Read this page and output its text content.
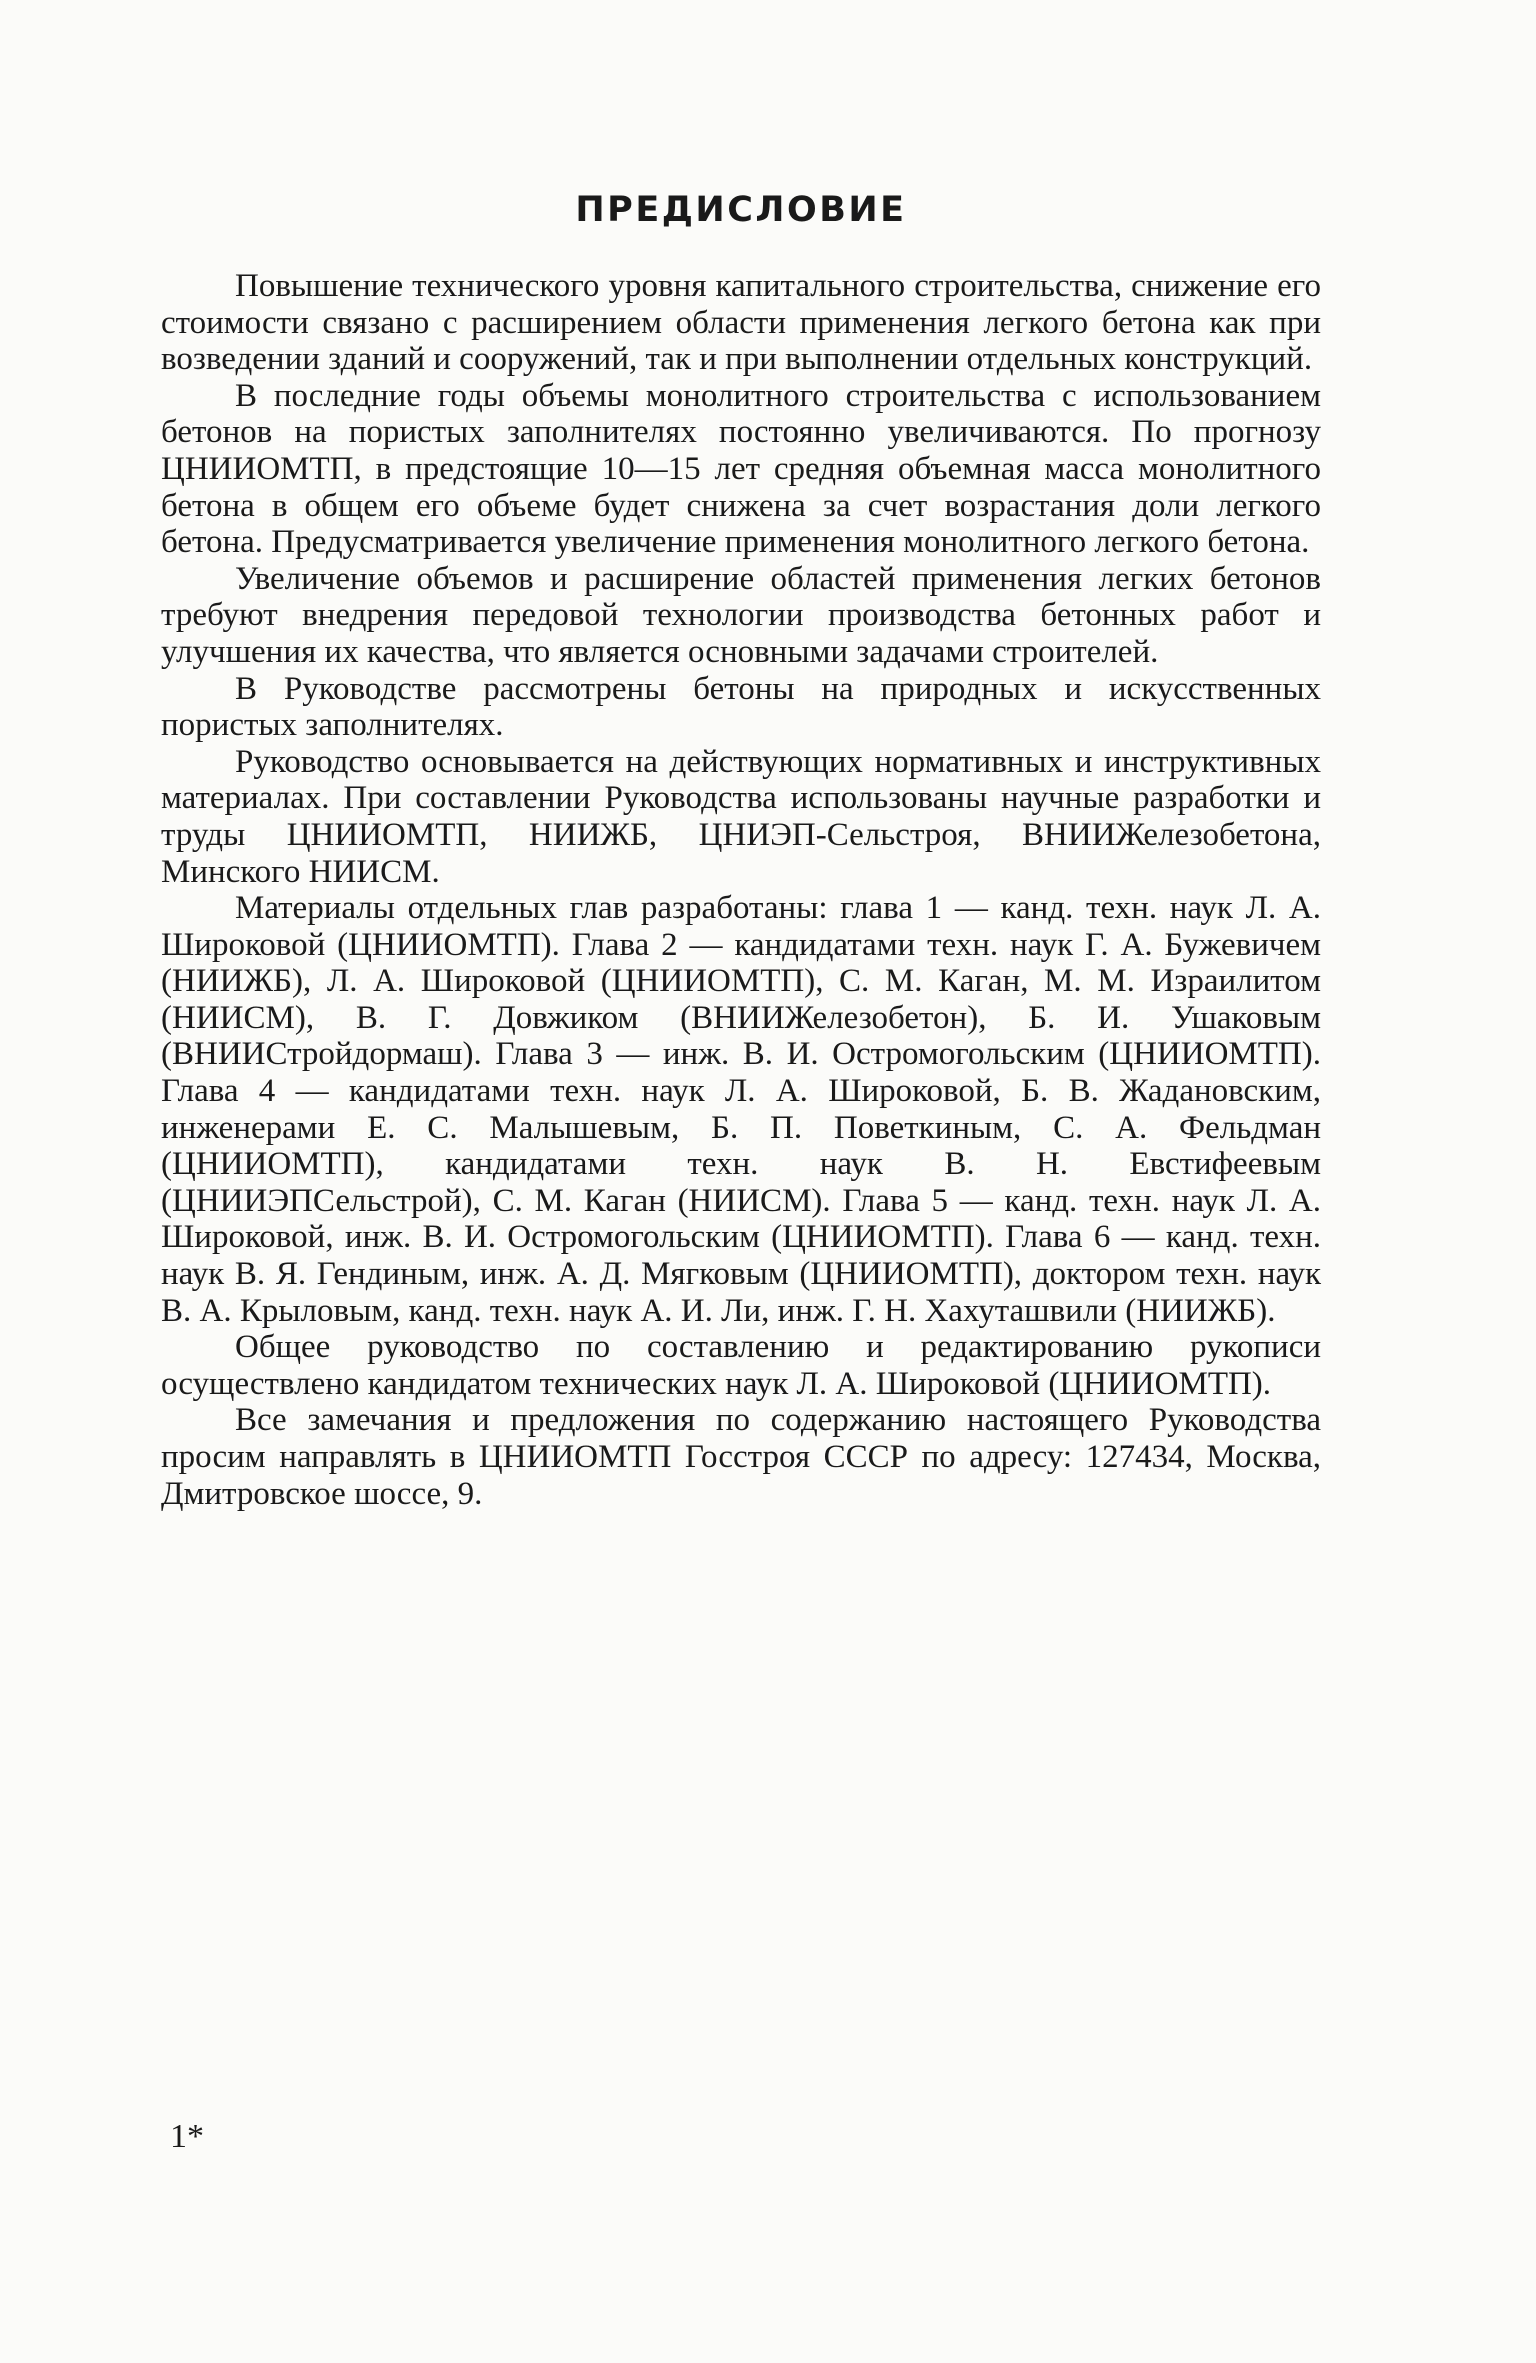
ПРЕДИСЛОВИЕ

Повышение технического уровня капитального строительства, снижение его стоимости связано с расширением области применения легкого бетона как при возведении зданий и сооружений, так и при выполнении отдельных конструкций.

В последние годы объемы монолитного строительства с использованием бетонов на пористых заполнителях постоянно увеличиваются. По прогнозу ЦНИИОМТП, в предстоящие 10—15 лет средняя объемная масса монолитного бетона в общем его объеме будет снижена за счет возрастания доли легкого бетона. Предусматривается увеличение применения монолитного легкого бетона.

Увеличение объемов и расширение областей применения легких бетонов требуют внедрения передовой технологии производства бетонных работ и улучшения их качества, что является основными задачами строителей.

В Руководстве рассмотрены бетоны на природных и искусственных пористых заполнителях.

Руководство основывается на действующих нормативных и инструктивных материалах. При составлении Руководства использованы научные разработки и труды ЦНИИОМТП, НИИЖБ, ЦНИЭП-Сельстроя, ВНИИЖелезобетона, Минского НИИСМ.

Материалы отдельных глав разработаны: глава 1 — канд. техн. наук Л. А. Широковой (ЦНИИОМТП). Глава 2 — кандидатами техн. наук Г. А. Бужевичем (НИИЖБ), Л. А. Широковой (ЦНИИОМТП), С. М. Каган, М. М. Израилитом (НИИСМ), В. Г. Довжиком (ВНИИЖелезобетон), Б. И. Ушаковым (ВНИИСтройдормаш). Глава 3 — инж. В. И. Остромогольским (ЦНИИОМТП). Глава 4 — кандидатами техн. наук Л. А. Широковой, Б. В. Жадановским, инженерами Е. С. Малышевым, Б. П. Поветкиным, С. А. Фельдман (ЦНИИОМТП), кандидатами техн. наук В. Н. Евстифеевым (ЦНИИЭПСельстрой), С. М. Каган (НИИСМ). Глава 5 — канд. техн. наук Л. А. Широковой, инж. В. И. Остромогольским (ЦНИИОМТП). Глава 6 — канд. техн. наук В. Я. Гендиным, инж. А. Д. Мягковым (ЦНИИОМТП), доктором техн. наук В. А. Крыловым, канд. техн. наук А. И. Ли, инж. Г. Н. Хахуташвили (НИИЖБ).

Общее руководство по составлению и редактированию рукописи осуществлено кандидатом технических наук Л. А. Широковой (ЦНИИОМТП).

Все замечания и предложения по содержанию настоящего Руководства просим направлять в ЦНИИОМТП Госстроя СССР по адресу: 127434, Москва, Дмитровское шоссе, 9.

1*
